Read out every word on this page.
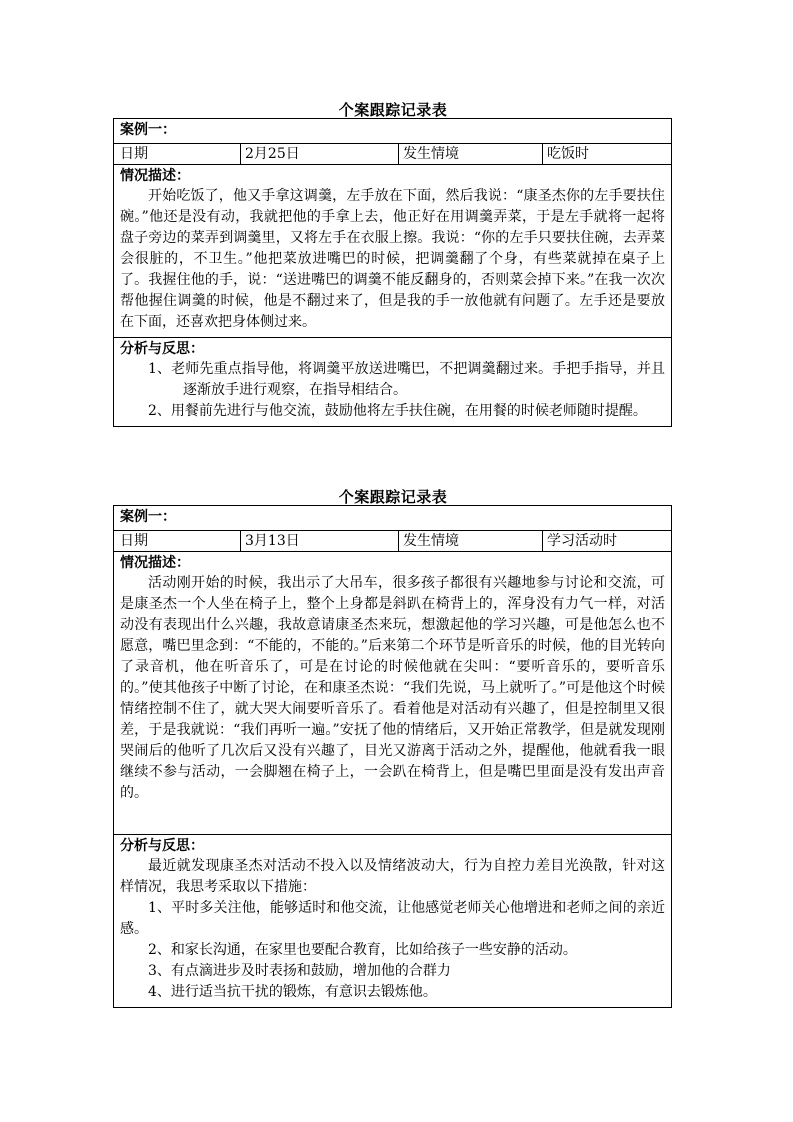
个案跟踪记录表
案例一：
日期	2月25日	发生情境	吃饭时
情况描述：

开始吃饭了，他又手拿这调羹，左手放在下面，然后我说：“康圣杰你的左手要扶住碗。”他还是没有动，我就把他的手拿上去，他正好在用调羹弄菜，于是左手就将一起将盘子旁边的菜弄到调羹里，又将左手在衣服上擦。我说：“你的左手只要扶住碗，去弄菜会很脏的，不卫生。”他把菜放进嘴巴的时候，把调羹翻了个身，有些菜就掉在桌子上了。我握住他的手，说：“送进嘴巴的调羹不能反翻身的，否则菜会掉下来。”在我一次次帮他握住调羹的时候，他是不翻过来了，但是我的手一放他就有问题了。左手还是要放在下面，还喜欢把身体侧过来。

分析与反思：

1、老师先重点指导他，将调羹平放送进嘴巴，不把调羹翻过来。手把手指导，并且逐渐放手进行观察，在指导相结合。

2、用餐前先进行与他交流，鼓励他将左手扶住碗，在用餐的时候老师随时提醒。

个案跟踪记录表
案例一：
日期	3月13日	发生情境	学习活动时
情况描述：

活动刚开始的时候，我出示了大吊车，很多孩子都很有兴趣地参与讨论和交流，可是康圣杰一个人坐在椅子上，整个上身都是斜趴在椅背上的，浑身没有力气一样，对活动没有表现出什么兴趣，我故意请康圣杰来玩，想激起他的学习兴趣，可是他怎么也不愿意，嘴巴里念到：“不能的，不能的。”后来第二个环节是听音乐的时候，他的目光转向了录音机，他在听音乐了，可是在讨论的时候他就在尖叫：“要听音乐的，要听音乐的。”使其他孩子中断了讨论，在和康圣杰说：“我们先说，马上就听了。”可是他这个时候情绪控制不住了，就大哭大闹要听音乐了。看着他是对活动有兴趣了，但是控制里又很差，于是我就说：“我们再听一遍。”安抚了他的情绪后，又开始正常教学，但是就发现刚哭闹后的他听了几次后又没有兴趣了，目光又游离于活动之外，提醒他，他就看我一眼继续不参与活动，一会脚翘在椅子上，一会趴在椅背上，但是嘴巴里面是没有发出声音的。

分析与反思：

最近就发现康圣杰对活动不投入以及情绪波动大，行为自控力差目光涣散，针对这样情况，我思考采取以下措施：

1、平时多关注他，能够适时和他交流，让他感觉老师关心他增进和老师之间的亲近感。

2、和家长沟通，在家里也要配合教育，比如给孩子一些安静的活动。

3、有点滴进步及时表扬和鼓励，增加他的合群力

4、进行适当抗干扰的锻炼，有意识去锻炼他。
